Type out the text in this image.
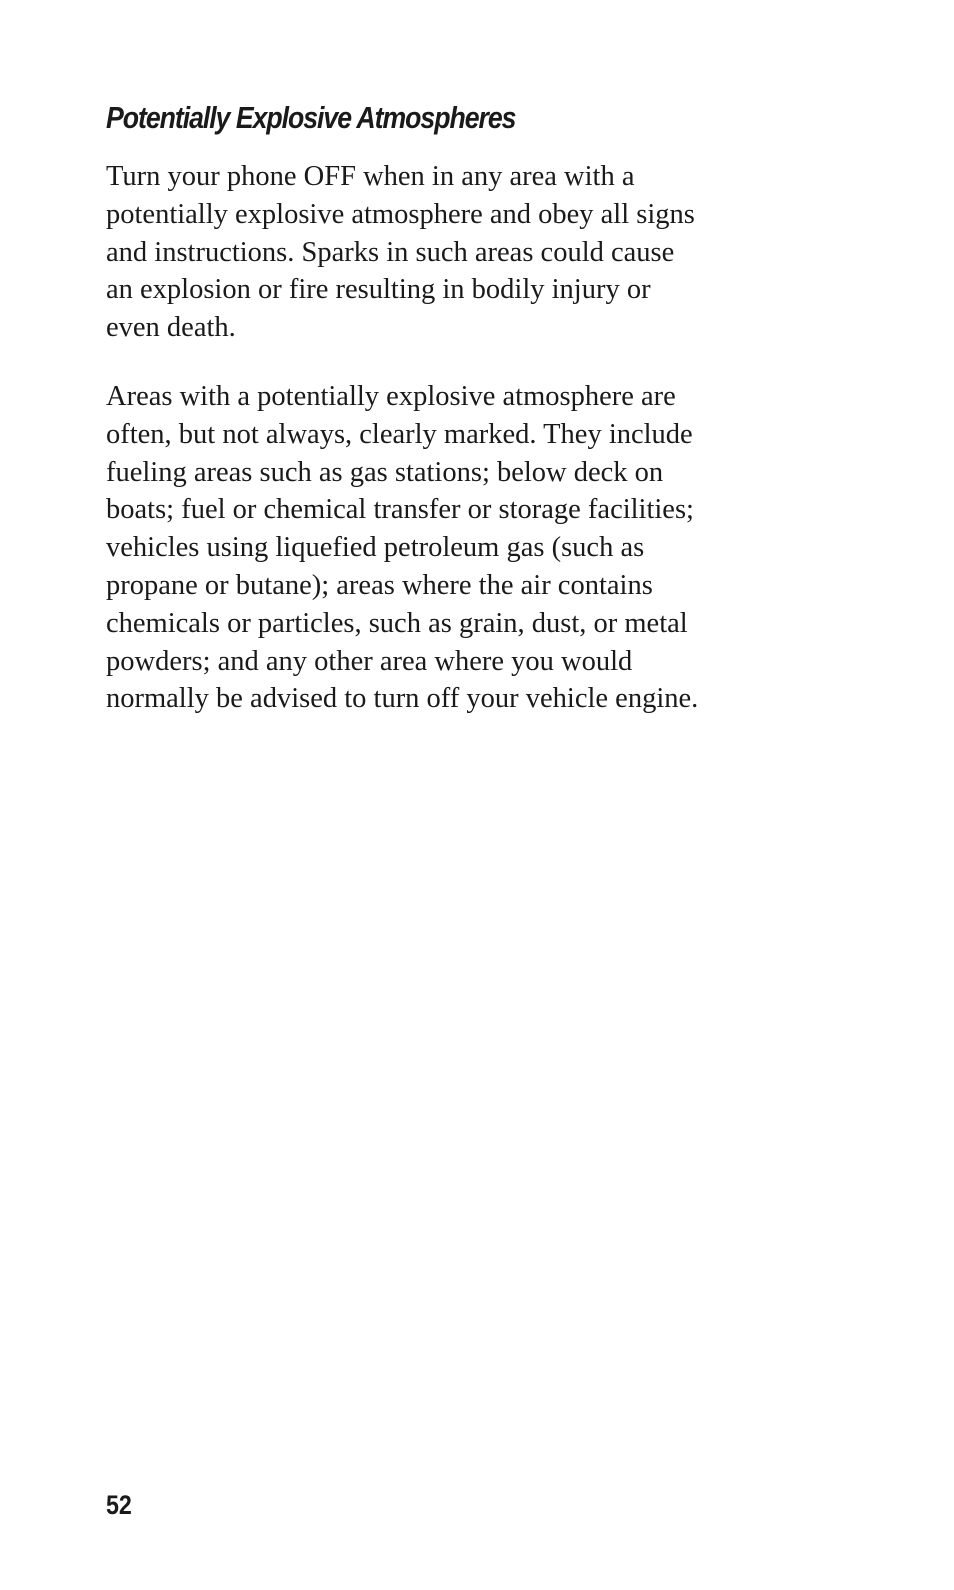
Potentially Explosive Atmospheres

Turn your phone OFF when in any area with a
potentially explosive atmosphere and obey all signs
and instructions. Sparks in such areas could cause
an explosion or fire resulting in bodily injury or
even death.

Areas with a potentially explosive atmosphere are
often, but not always, clearly marked. They include
fueling areas such as gas stations; below deck on
boats; fuel or chemical transfer or storage facilities;
vehicles using liquefied petroleum gas (such as
propane or butane); areas where the air contains
chemicals or particles, such as grain, dust, or metal
powders; and any other area where you would
normally be advised to turn off your vehicle engine.

52
